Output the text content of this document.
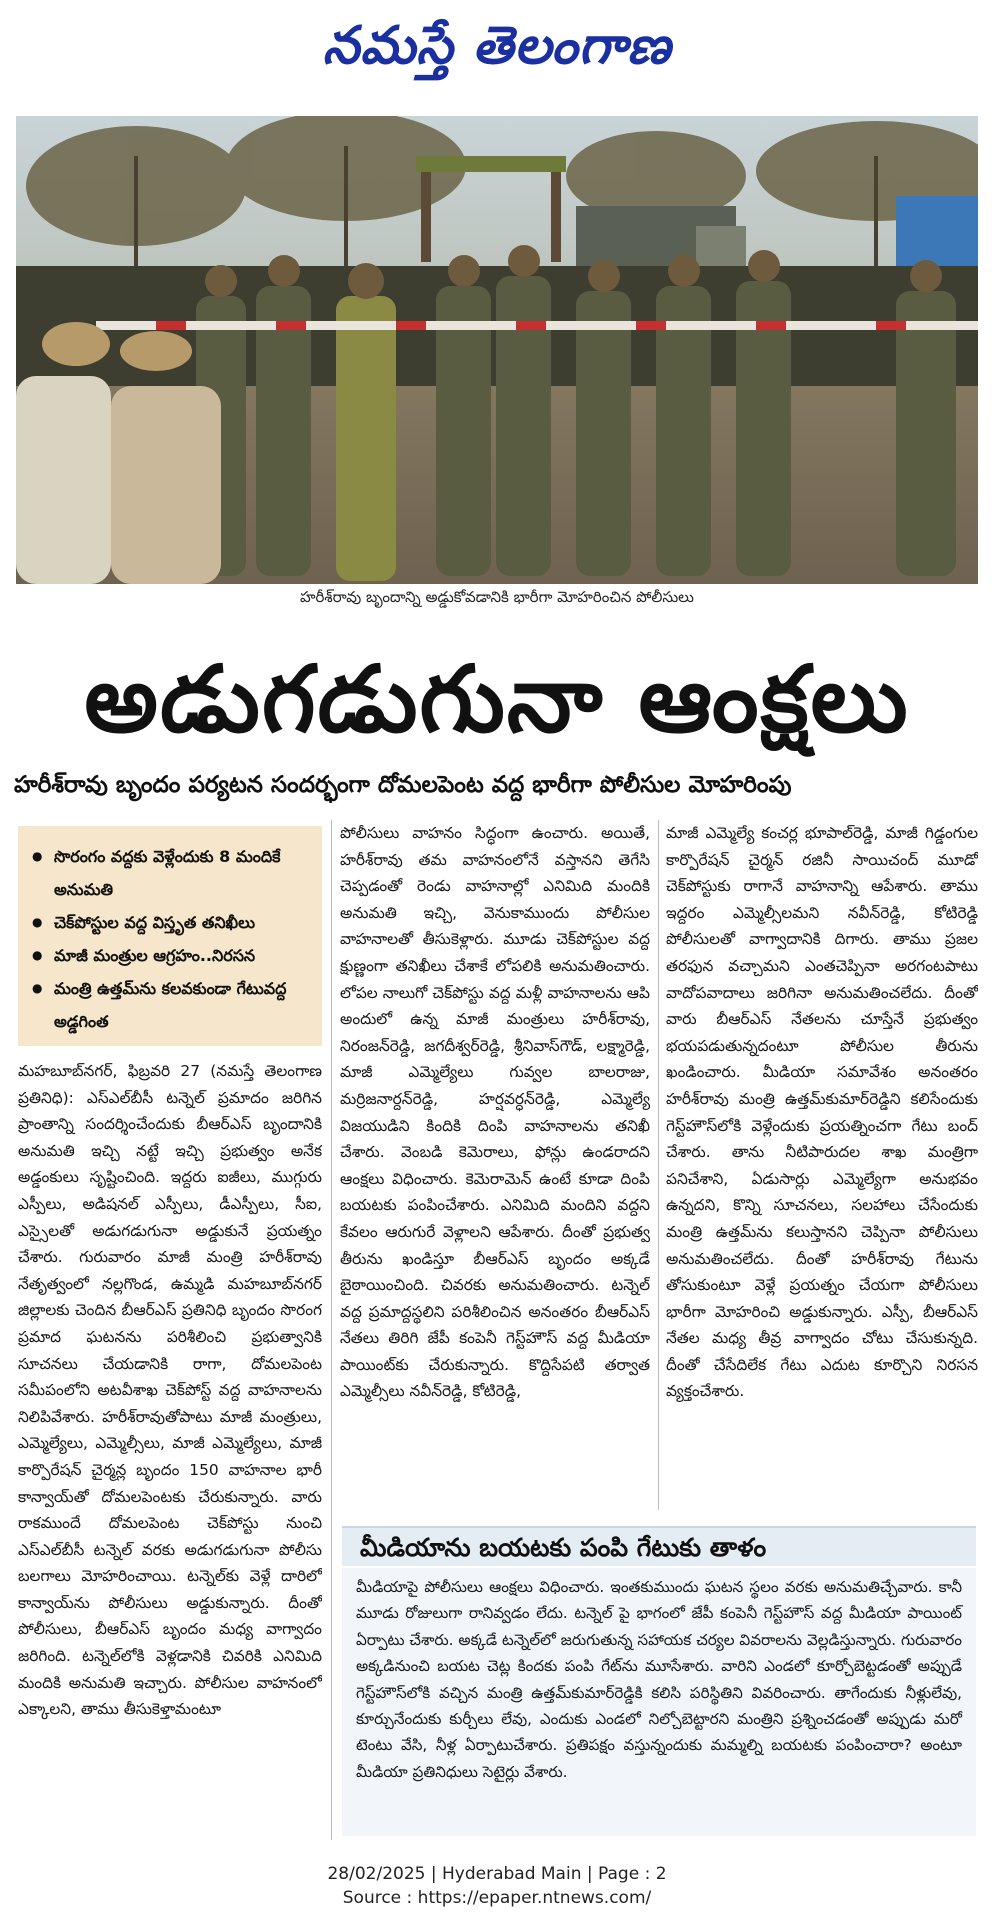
నమస్తే తెలంగాణ
హరీశ్‌రావు బృందాన్ని అడ్డుకోవడానికి భారీగా మోహరించిన పోలీసులు
అడుగడుగునా ఆంక్షలు
హరీశ్‌రావు బృందం పర్యటన సందర్భంగా దోమలపెంట వద్ద భారీగా పోలీసుల మోహరింపు
● సొరంగం వద్దకు వెళ్లేందుకు 8 మందికే అనుమతి
● చెక్‌పోస్టుల వద్ద విస్తృత తనిఖీలు
● మాజీ మంత్రుల ఆగ్రహం..నిరసన
● మంత్రి ఉత్తమ్‌ను కలవకుండా గేటువద్ద అడ్డగింత

మహబూబ్‌నగర్, ఫిబ్రవరి 27 (నమస్తే తెలంగాణ ప్రతినిధి): ఎస్‌ఎల్‌బీసీ టన్నెల్ ప్రమాదం జరిగిన ప్రాంతాన్ని సందర్శించేందుకు బీఆర్‌ఎస్ బృందానికి అనుమతి ఇచ్చి నట్టే ఇచ్చి ప్రభుత్వం అనేక అడ్డంకులు సృష్టించింది. ఇద్దరు ఐజీలు, ముగ్గురు ఎస్పీలు, అడిషనల్ ఎస్పీలు, డీఎస్పీలు, సీఐ, ఎస్సైలతో అడుగడుగునా అడ్డుకునే ప్రయత్నం చేశారు. గురువారం మాజీ మంత్రి హరీశ్‌రావు నేతృత్వంలో నల్లగొండ, ఉమ్మడి మహబూబ్‌నగర్ జిల్లాలకు చెందిన బీఆర్‌ఎస్ ప్రతినిధి బృందం సొరంగ ప్రమాద ఘటనను పరిశీలించి ప్రభుత్వానికి సూచనలు చేయడానికి రాగా, దోమలపెంట సమీపంలోని అటవీశాఖ చెక్‌పోస్ట్ వద్ద వాహనాలను నిలిపివేశారు. హరీశ్‌రావుతోపాటు మాజీ మంత్రులు, ఎమ్మెల్యేలు, ఎమ్మెల్సీలు, మాజీ ఎమ్మెల్యేలు, మాజీ కార్పొరేషన్ చైర్మన్ల బృందం 150 వాహనాల భారీ కాన్వాయ్‌తో దోమలపెంటకు చేరుకున్నారు. వారు రాకముందే దోమలపెంట చెక్‌పోస్టు నుంచి ఎస్‌ఎల్‌బీసీ టన్నెల్ వరకు అడుగడుగునా పోలీసు బలగాలు మోహరించాయి. టన్నెల్‌కు వెళ్లే దారిలో కాన్వాయ్‌ను పోలీసులు అడ్డుకున్నారు. దీంతో పోలీసులు, బీఆర్‌ఎస్ బృందం మధ్య వాగ్వాదం జరిగింది. టన్నెల్‌లోకి వెళ్లడానికి చివరికి ఎనిమిది మందికి అనుమతి ఇచ్చారు. పోలీసుల వాహనంలో ఎక్కాలని, తాము తీసుకెళ్తామంటూ

పోలీసులు వాహనం సిద్ధంగా ఉంచారు. అయితే, హరీశ్‌రావు తమ వాహనంలోనే వస్తానని తెగేసి చెప్పడంతో రెండు వాహనాల్లో ఎనిమిది మందికి అనుమతి ఇచ్చి, వెనుకాముందు పోలీసుల వాహనాలతో తీసుకెళ్లారు. మూడు చెక్‌పోస్టుల వద్ద క్షుణ్ణంగా తనిఖీలు చేశాకే లోపలికి అనుమతించారు. లోపల నాలుగో చెక్‌పోస్టు వద్ద మళ్లీ వాహనాలను ఆపి అందులో ఉన్న మాజీ మంత్రులు హరీశ్‌రావు, నిరంజన్‌రెడ్డి, జగదీశ్వర్‌రెడ్డి, శ్రీనివాస్‌గౌడ్, లక్ష్మారెడ్డి, మాజీ ఎమ్మెల్యేలు గువ్వల బాలరాజు, మర్రిజనార్దన్‌రెడ్డి, హర్షవర్ధన్‌రెడ్డి, ఎమ్మెల్యే విజయుడిని కిందికి దింపి వాహనాలను తనిఖీ చేశారు. వెంబడి కెమెరాలు, ఫోన్లు ఉండరాదని ఆంక్షలు విధించారు. కెమెరామెన్ ఉంటే కూడా దింపి బయటకు పంపించేశారు. ఎనిమిది మందిని వద్దని కేవలం ఆరుగురే వెళ్లాలని ఆపేశారు. దీంతో ప్రభుత్వ తీరును ఖండిస్తూ బీఆర్‌ఎస్ బృందం అక్కడే బైఠాయించింది. చివరకు అనుమతించారు. టన్నెల్ వద్ద ప్రమాద్దస్థలిని పరిశీలించిన అనంతరం బీఆర్‌ఎస్ నేతలు తిరిగి జేపీ కంపెనీ గెస్ట్‌హౌస్ వద్ద మీడియా పాయింట్‌కు చేరుకున్నారు. కొద్దిసేపటి తర్వాత ఎమ్మెల్సీలు నవీన్‌రెడ్డి, కోటిరెడ్డి,

మాజీ ఎమ్మెల్యే కంచర్ల భూపాల్‌రెడ్డి, మాజీ గిడ్డంగుల కార్పొరేషన్ చైర్మన్ రజినీ సాయిచంద్ మూడో చెక్‌పోస్టుకు రాగానే వాహనాన్ని ఆపేశారు. తాము ఇద్దరం ఎమ్మెల్సీలమని నవీన్‌రెడ్డి, కోటిరెడ్డి పోలీసులతో వాగ్వాదానికి దిగారు. తాము ప్రజల తరఫున వచ్చామని ఎంతచెప్పినా అరగంటపాటు వాదోపవాదాలు జరిగినా అనుమతించలేదు. దీంతో వారు బీఆర్‌ఎస్ నేతలను చూస్తేనే ప్రభుత్వం భయపడుతున్నదంటూ పోలీసుల తీరును ఖండించారు. మీడియా సమావేశం అనంతరం హరీశ్‌రావు మంత్రి ఉత్తమ్‌కుమార్‌రెడ్డిని కలిసేందుకు గెస్ట్‌హౌస్‌లోకి వెళ్లేందుకు ప్రయత్నించగా గేటు బంద్ చేశారు. తాను నీటిపారుదల శాఖ మంత్రిగా పనిచేశాని, ఏడుసార్లు ఎమ్మెల్యేగా అనుభవం ఉన్నదని, కొన్ని సూచనలు, సలహాలు చేసేందుకు మంత్రి ఉత్తమ్‌ను కలుస్తానని చెప్పినా పోలీసులు అనుమతించలేదు. దీంతో హరీశ్‌రావు గేటును తోసుకుంటూ వెళ్లే ప్రయత్నం చేయగా పోలీసులు భారీగా మోహరించి అడ్డుకున్నారు. ఎస్పీ, బీఆర్‌ఎస్ నేతల మధ్య తీవ్ర వాగ్వాదం చోటు చేసుకున్నది. దీంతో చేసేదిలేక గేటు ఎదుట కూర్చొని నిరసన వ్యక్తంచేశారు.

మీడియాను బయటకు పంపి గేటుకు తాళం
మీడియాపై పోలీసులు ఆంక్షలు విధించారు. ఇంతకుముందు ఘటన స్థలం వరకు అనుమతిచ్చేవారు. కానీ మూడు రోజులుగా రానివ్వడం లేదు. టన్నెల్ పై భాగంలో జేపీ కంపెనీ గెస్ట్‌హౌస్ వద్ద మీడియా పాయింట్ ఏర్పాటు చేశారు. అక్కడే టన్నెల్‌లో జరుగుతున్న సహాయక చర్యల వివరాలను వెల్లడిస్తున్నారు. గురువారం అక్కడినుంచి బయట చెట్ల కిందకు పంపి గేట్‌ను మూసేశారు. వారిని ఎండలో కూర్చోబెట్టడంతో అప్పుడే గెస్ట్‌హౌస్‌లోకి వచ్చిన మంత్రి ఉత్తమ్‌కుమార్‌రెడ్డికి కలిసి పరిస్థితిని వివరించారు. తాగేందుకు నీళ్లులేవు, కూర్చునేందుకు కుర్చీలు లేవు, ఎందుకు ఎండలో నిల్చోబెట్టారని మంత్రిని ప్రశ్నించడంతో అప్పుడు మరో టెంటు వేసి, నీళ్ల ఏర్పాటుచేశారు. ప్రతిపక్షం వస్తున్నందుకు మమ్మల్ని బయటకు పంపించారా? అంటూ మీడియా ప్రతినిధులు సెటైర్లు వేశారు.
28/02/2025 | Hyderabad Main | Page : 2
Source : https://epaper.ntnews.com/
